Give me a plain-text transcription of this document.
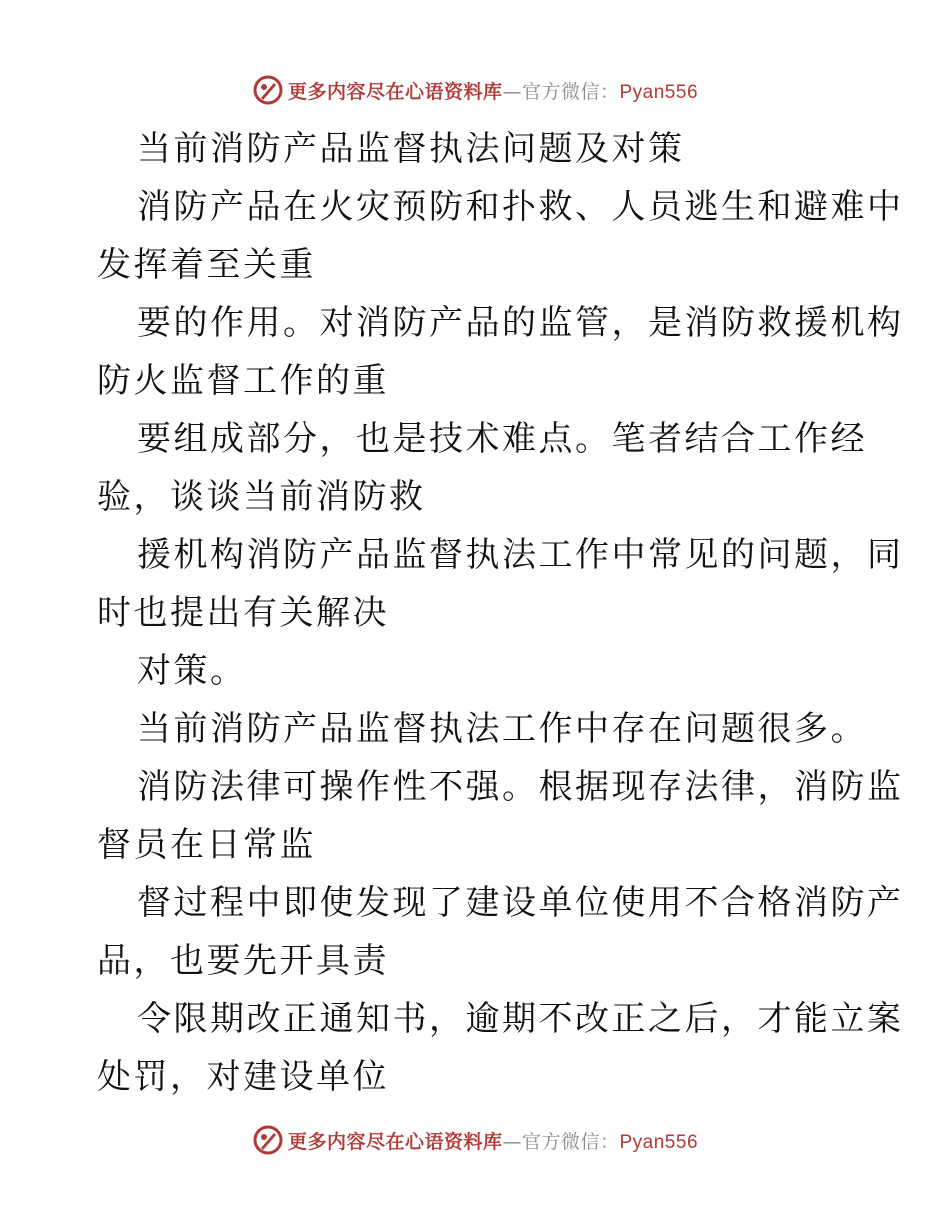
更多内容尽在心语资料库 — 官方微信： Pyan556

当前消防产品监督执法问题及对策

消防产品在火灾预防和扑救、人员逃生和避难中
发挥着至关重

要的作用。对消防产品的监管，是消防救援机构
防火监督工作的重

要组成部分，也是技术难点。笔者结合工作经
验，谈谈当前消防救

援机构消防产品监督执法工作中常见的问题，同
时也提出有关解决

对策。

当前消防产品监督执法工作中存在问题很多。

消防法律可操作性不强。根据现存法律，消防监
督员在日常监

督过程中即使发现了建设单位使用不合格消防产
品，也要先开具责

令限期改正通知书，逾期不改正之后，才能立案
处罚，对建设单位

更多内容尽在心语资料库 — 官方微信： Pyan556
